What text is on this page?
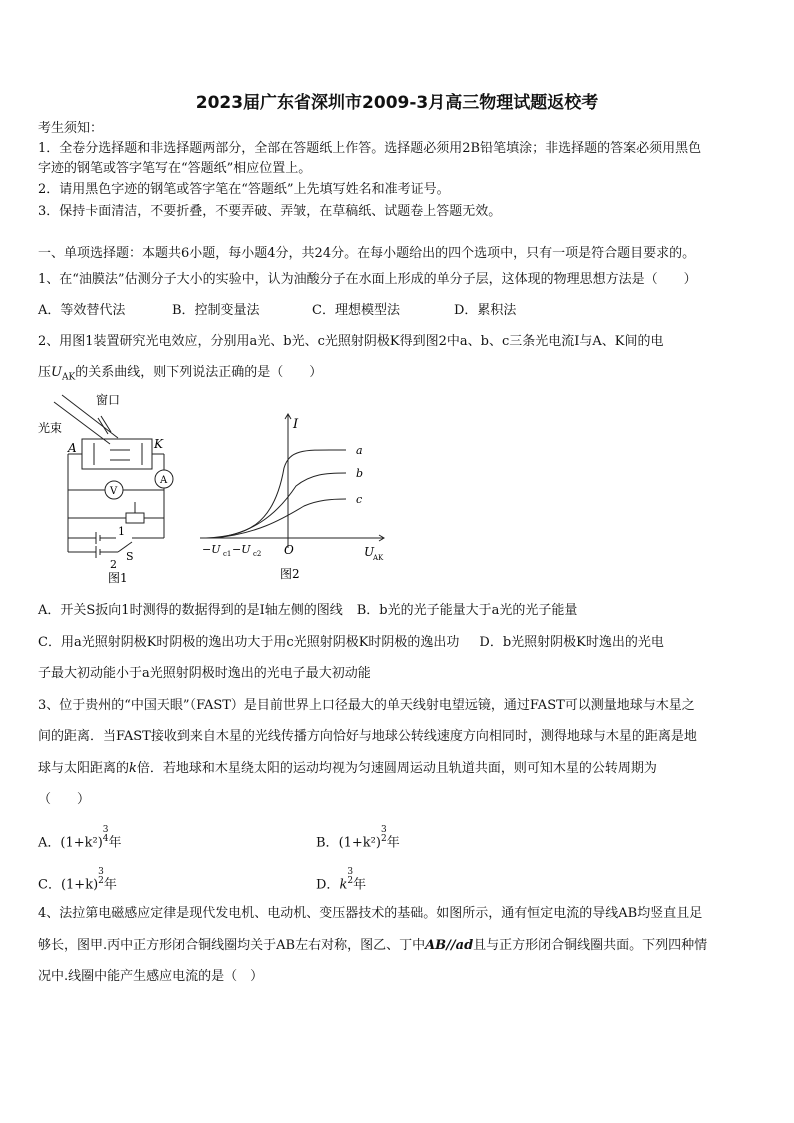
2023届广东省深圳市2009-3月高三物理试题返校考
考生须知：
1．全卷分选择题和非选择题两部分，全部在答题纸上作答。选择题必须用2B铅笔填涂；非选择题的答案必须用黑色
字迹的钢笔或答字笔写在“答题纸”相应位置上。
2．请用黑色字迹的钢笔或答字笔在“答题纸”上先填写姓名和准考证号。
3．保持卡面清洁，不要折叠，不要弄破、弄皱，在草稿纸、试题卷上答题无效。
一、单项选择题：本题共6小题，每小题4分，共24分。在每小题给出的四个选项中，只有一项是符合题目要求的。
1、在“油膜法”估测分子大小的实验中，认为油酸分子在水面上形成的单分子层，这体现的物理思想方法是（　　）
A．等效替代法	B．控制变量法	C．理想模型法	D．累积法
2、用图1装置研究光电效应，分别用a光、b光、c光照射阴极K得到图2中a、b、c三条光电流I与A、K间的电
压$U_{AK}$的关系曲线，则下列说法正确的是（　　）
窗口
光束
A	K
V
A
1
2
S
图1
I
a
b
c
−U c1 −U c2 O	U
AK
图2
A．开关S扳向1时测得的数据得到的是I轴左侧的图线 B．b光的光子能量大于a光的光子能量
C．用a光照射阴极K时阴极的逸出功大于用c光照射阴极K时阴极的逸出功 D．b光照射阴极K时逸出的光电
子最大初动能小于a光照射阴极时逸出的光电子最大初动能
3、位于贵州的“中国天眼”（FAST）是目前世界上口径最大的单天线射电望远镜，通过FAST可以测量地球与木星之
间的距离．当FAST接收到来自木星的光线传播方向恰好与地球公转线速度方向相同时，测得地球与木星的距离是地
球与太阳距离的k倍．若地球和木星绕太阳的运动均视为匀速圆周运动且轨道共面，则可知木星的公转周期为
（　　）
A．(1+k²)3
4年	B．(1+k²)3
2年
C．(1+k)3
2年	D．k3
2年
4、法拉第电磁感应定律是现代发电机、电动机、变压器技术的基础。如图所示，通有恒定电流的导线AB均竖直且足
够长，图甲.丙中正方形闭合铜线圈均关于AB左右对称，图乙、丁中AB//ad且与正方形闭合铜线圈共面。下列四种情
况中.线圈中能产生感应电流的是（　）
